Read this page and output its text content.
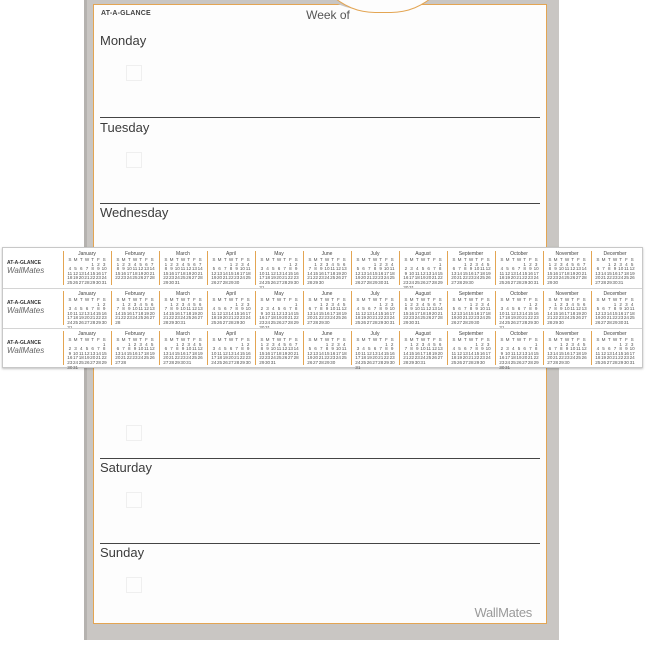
Week of
AT-A-GLANCE
Monday
Tuesday
Wednesday
Saturday
Sunday
WallMates
AT-A-GLANCE
WallMates
January
S M T W T F S
1 2 3
4 5 6 7 8 9 10
11 12 13 14 15 16 17
18 19 20 21 22 23 24
25 26 27 28 29 30 31
February
S M T W T F S
1 2 3 4 5 6 7
8 9 10 11 12 13 14
15 16 17 18 19 20 21
22 23 24 25 26 27 28
March
S M T W T F S
1 2 3 4 5 6 7
8 9 10 11 12 13 14
15 16 17 18 19 20 21
22 23 24 25 26 27 28
29 30 31
April
S M T W T F S
1 2 3 4
5 6 7 8 9 10 11
12 13 14 15 16 17 18
19 20 21 22 23 24 25
26 27 28 29 30
May
S M T W T F S
1 2
3 4 5 6 7 8 9
10 11 12 13 14 15 16
17 18 19 20 21 22 23
24 25 26 27 28 29 30
June
S M T W T F S
1 2 3 4 5 6
7 8 9 10 11 12 13
14 15 16 17 18 19 20
21 22 23 24 25 26 27
28 29 30
July
S M T W T F S
1 2 3 4
5 6 7 8 9 10 11
12 13 14 15 16 17 18
19 20 21 22 23 24 25
26 27 28 29 30 31
August
S M T W T F S
1
2 3 4 5 6 7 8
9 10 11 12 13 14 15
16 17 18 19 20 21 22
23 24 25 26 27 28 29
September
S M T W T F S
1 2 3 4 5
6 7 8 9 10 11 12
13 14 15 16 17 18 19
20 21 22 23 24 25 26
27 28 29 30
October
S M T W T F S
1 2 3
4 5 6 7 8 9 10
11 12 13 14 15 16 17
18 19 20 21 22 23 24
25 26 27 28 29 30 31
November
S M T W T F S
1 2 3 4 5 6 7
8 9 10 11 12 13 14
15 16 17 18 19 20 21
22 23 24 25 26 27 28
29 30
December
S M T W T F S
1 2 3 4 5
6 7 8 9 10 11 12
13 14 15 16 17 18 19
20 21 22 23 24 25 26
27 28 29 30 31
AT-A-GLANCE
WallMates
January
S M T W T F S
1 2
3 4 5 6 7 8 9
10 11 12 13 14 15 16
17 18 19 20 21 22 23
24 25 26 27 28 29 30
February
S M T W T F S
1 2 3 4 5 6
7 8 9 10 11 12 13
14 15 16 17 18 19 20
21 22 23 24 25 26 27
28
March
S M T W T F S
1 2 3 4 5 6
7 8 9 10 11 12 13
14 15 16 17 18 19 20
21 22 23 24 25 26 27
28 29 30 31
April
S M T W T F S
1 2 3
4 5 6 7 8 9 10
11 12 13 14 15 16 17
18 19 20 21 22 23 24
25 26 27 28 29 30
May
S M T W T F S
1
2 3 4 5 6 7 8
9 10 11 12 13 14 15
16 17 18 19 20 21 22
23 24 25 26 27 28 29
June
S M T W T F S
1 2 3 4 5
6 7 8 9 10 11 12
13 14 15 16 17 18 19
20 21 22 23 24 25 26
27 28 29 30
July
S M T W T F S
1 2 3
4 5 6 7 8 9 10
11 12 13 14 15 16 17
18 19 20 21 22 23 24
25 26 27 28 29 30 31
August
S M T W T F S
1 2 3 4 5 6 7
8 9 10 11 12 13 14
15 16 17 18 19 20 21
22 23 24 25 26 27 28
29 30 31
September
S M T W T F S
1 2 3 4
5 6 7 8 9 10 11
12 13 14 15 16 17 18
19 20 21 22 23 24 25
26 27 28 29 30
October
S M T W T F S
1 2
3 4 5 6 7 8 9
10 11 12 13 14 15 16
17 18 19 20 21 22 23
24 25 26 27 28 29 30
November
S M T W T F S
1 2 3 4 5 6
7 8 9 10 11 12 13
14 15 16 17 18 19 20
21 22 23 24 25 26 27
28 29 30
December
S M T W T F S
1 2 3 4
5 6 7 8 9 10 11
12 13 14 15 16 17 18
19 20 21 22 23 24 25
26 27 28 29 30 31
AT-A-GLANCE
WallMates
January
S M T W T F S
1
2 3 4 5 6 7 8
9 10 11 12 13 14 15
16 17 18 19 20 21 22
23 24 25 26 27 28 29
30 31
February
S M T W T F S
1 2 3 4 5
6 7 8 9 10 11 12
13 14 15 16 17 18 19
20 21 22 23 24 25 26
27 28
March
S M T W T F S
1 2 3 4 5
6 7 8 9 10 11 12
13 14 15 16 17 18 19
20 21 22 23 24 25 26
27 28 29 30 31
April
S M T W T F S
1 2
3 4 5 6 7 8 9
10 11 12 13 14 15 16
17 18 19 20 21 22 23
24 25 26 27 28 29 30
May
S M T W T F S
1 2 3 4 5 6 7
8 9 10 11 12 13 14
15 16 17 18 19 20 21
22 23 24 25 26 27 28
29 30 31
June
S M T W T F S
1 2 3 4
5 6 7 8 9 10 11
12 13 14 15 16 17 18
19 20 21 22 23 24 25
26 27 28 29 30
July
S M T W T F S
1 2
3 4 5 6 7 8 9
10 11 12 13 14 15 16
17 18 19 20 21 22 23
24 25 26 27 28 29 30
31
August
S M T W T F S
1 2 3 4 5 6
7 8 9 10 11 12 13
14 15 16 17 18 19 20
21 22 23 24 25 26 27
28 29 30 31
September
S M T W T F S
1 2 3
4 5 6 7 8 9 10
11 12 13 14 15 16 17
18 19 20 21 22 23 24
25 26 27 28 29 30
October
S M T W T F S
1
2 3 4 5 6 7 8
9 10 11 12 13 14 15
16 17 18 19 20 21 22
23 24 25 26 27 28 29
30 31
November
S M T W T F S
1 2 3 4 5
6 7 8 9 10 11 12
13 14 15 16 17 18 19
20 21 22 23 24 25 26
27 28 29 30
December
S M T W T F S
1 2 3
4 5 6 7 8 9 10
11 12 13 14 15 16 17
18 19 20 21 22 23 24
25 26 27 28 29 30 31
